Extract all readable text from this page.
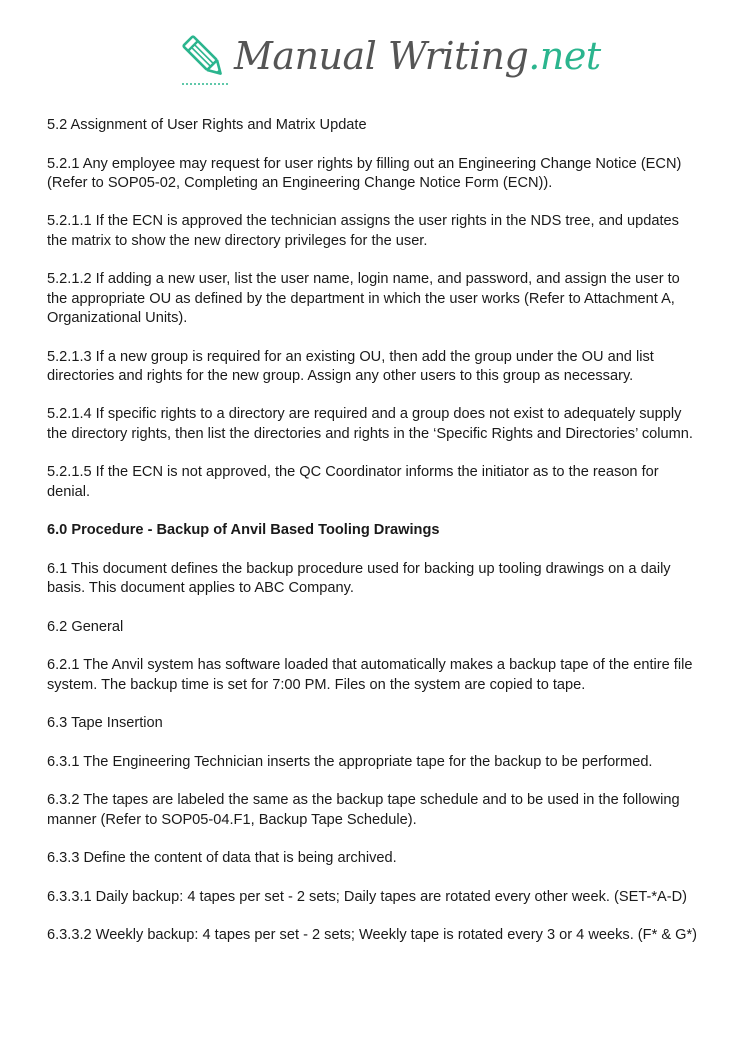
Manual Writing.net

5.2 Assignment of User Rights and Matrix Update

5.2.1 Any employee may request for user rights by filling out an Engineering Change Notice (ECN) (Refer to SOP05-02, Completing an Engineering Change Notice Form (ECN)).

5.2.1.1 If the ECN is approved the technician assigns the user rights in the NDS tree, and updates the matrix to show the new directory privileges for the user.

5.2.1.2 If adding a new user, list the user name, login name, and password, and assign the user to the appropriate OU as defined by the department in which the user works (Refer to Attachment A, Organizational Units).

5.2.1.3 If a new group is required for an existing OU, then add the group under the OU and list directories and rights for the new group. Assign any other users to this group as necessary.

5.2.1.4 If specific rights to a directory are required and a group does not exist to adequately supply the directory rights, then list the directories and rights in the ‘Specific Rights and Directories’ column.

5.2.1.5 If the ECN is not approved, the QC Coordinator informs the initiator as to the reason for denial.

6.0 Procedure - Backup of Anvil Based Tooling Drawings

6.1 This document defines the backup procedure used for backing up tooling drawings on a daily basis. This document applies to ABC Company.

6.2 General

6.2.1 The Anvil system has software loaded that automatically makes a backup tape of the entire file system. The backup time is set for 7:00 PM. Files on the system are copied to tape.

6.3 Tape Insertion

6.3.1 The Engineering Technician inserts the appropriate tape for the backup to be performed.

6.3.2 The tapes are labeled the same as the backup tape schedule and to be used in the following manner (Refer to SOP05-04.F1, Backup Tape Schedule).

6.3.3 Define the content of data that is being archived.

6.3.3.1 Daily backup: 4 tapes per set - 2 sets; Daily tapes are rotated every other week. (SET-*A-D)

6.3.3.2 Weekly backup: 4 tapes per set - 2 sets; Weekly tape is rotated every 3 or 4 weeks. (F* & G*)
